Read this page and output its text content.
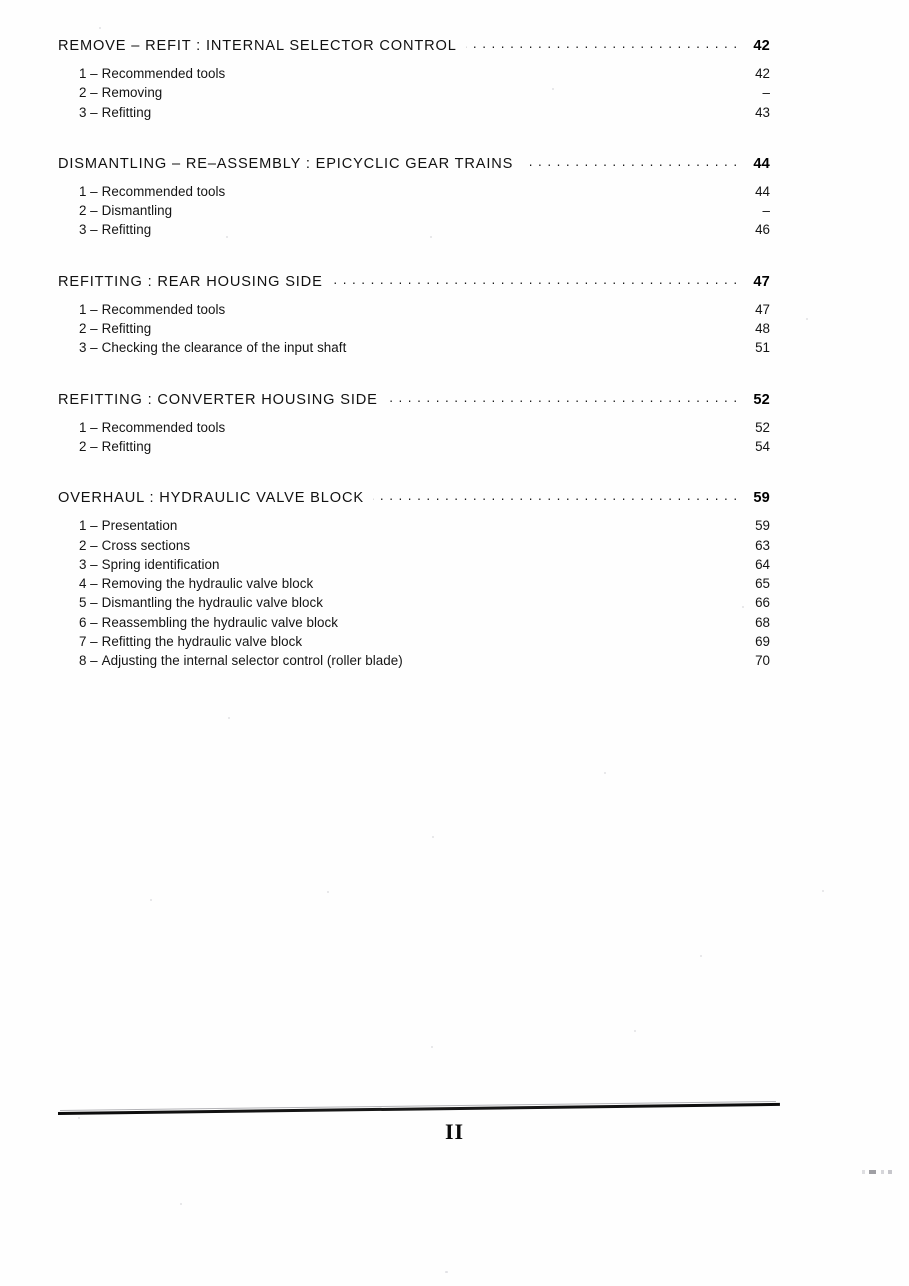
REMOVE – REFIT : INTERNAL SELECTOR CONTROL . . .	42
1 – Recommended tools	42
2 – Removing	–
3 – Refitting	43
DISMANTLING – RE–ASSEMBLY : EPICYCLIC GEAR TRAINS . . .	44
1 – Recommended tools	44
2 – Dismantling	–
3 – Refitting	46
REFITTING : REAR HOUSING SIDE . . .	47
1 – Recommended tools	47
2 – Refitting	48
3 – Checking the clearance of the input shaft	51
REFITTING : CONVERTER HOUSING SIDE . . .	52
1 – Recommended tools	52
2 – Refitting	54
OVERHAUL : HYDRAULIC VALVE BLOCK . . .	59
1 – Presentation	59
2 – Cross sections	63
3 – Spring identification	64
4 – Removing the hydraulic valve block	65
5 – Dismantling the hydraulic valve block	66
6 – Reassembling the hydraulic valve block	68
7 – Refitting the hydraulic valve block	69
8 – Adjusting the internal selector control (roller blade)	70
II
